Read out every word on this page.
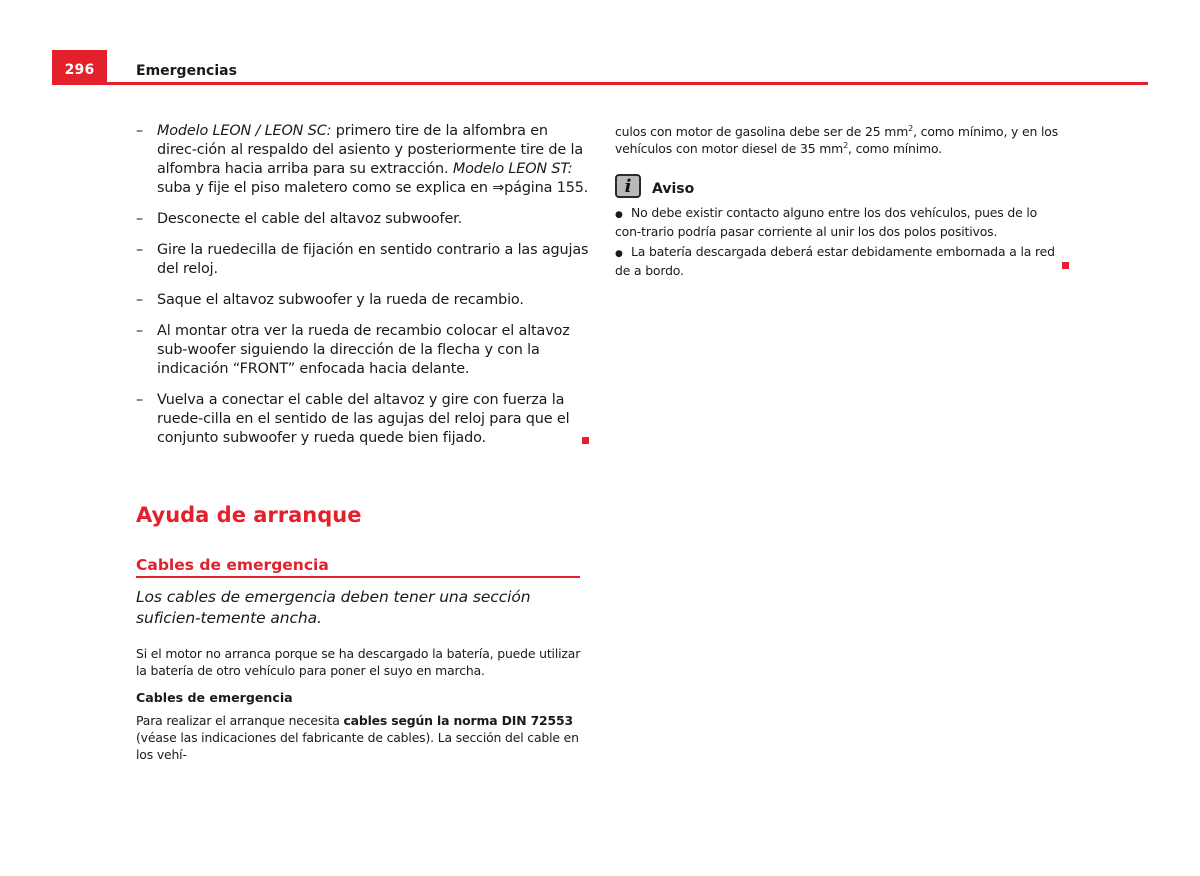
296	Emergencias
– Modelo LEON / LEON SC: primero tire de la alfombra en direc-ción al respaldo del asiento y posteriormente tire de la alfombra hacia arriba para su extracción. Modelo LEON ST: suba y fije el piso maletero como se explica en ⇒página 155.
– Desconecte el cable del altavoz subwoofer.
– Gire la ruedecilla de fijación en sentido contrario a las agujas del reloj.
– Saque el altavoz subwoofer y la rueda de recambio.
– Al montar otra ver la rueda de recambio colocar el altavoz sub-woofer siguiendo la dirección de la flecha y con la indicación “FRONT” enfocada hacia delante.
– Vuelva a conectar el cable del altavoz y gire con fuerza la ruede-cilla en el sentido de las agujas del reloj para que el conjunto subwoofer y rueda quede bien fijado.
Ayuda de arranque
Cables de emergencia
Los cables de emergencia deben tener una sección suficien-temente ancha.
Si el motor no arranca porque se ha descargado la batería, puede utilizar la batería de otro vehículo para poner el suyo en marcha.
Cables de emergencia
Para realizar el arranque necesita cables según la norma DIN 72553 (véase las indicaciones del fabricante de cables). La sección del cable en los vehí-
culos con motor de gasolina debe ser de 25 $mm^2$, como mínimo, y en los vehículos con motor diesel de 35 $mm^2$, como mínimo.
i	Aviso
● No debe existir contacto alguno entre los dos vehículos, pues de lo con-trario podría pasar corriente al unir los dos polos positivos.
● La batería descargada deberá estar debidamente embornada a la red de a bordo.
